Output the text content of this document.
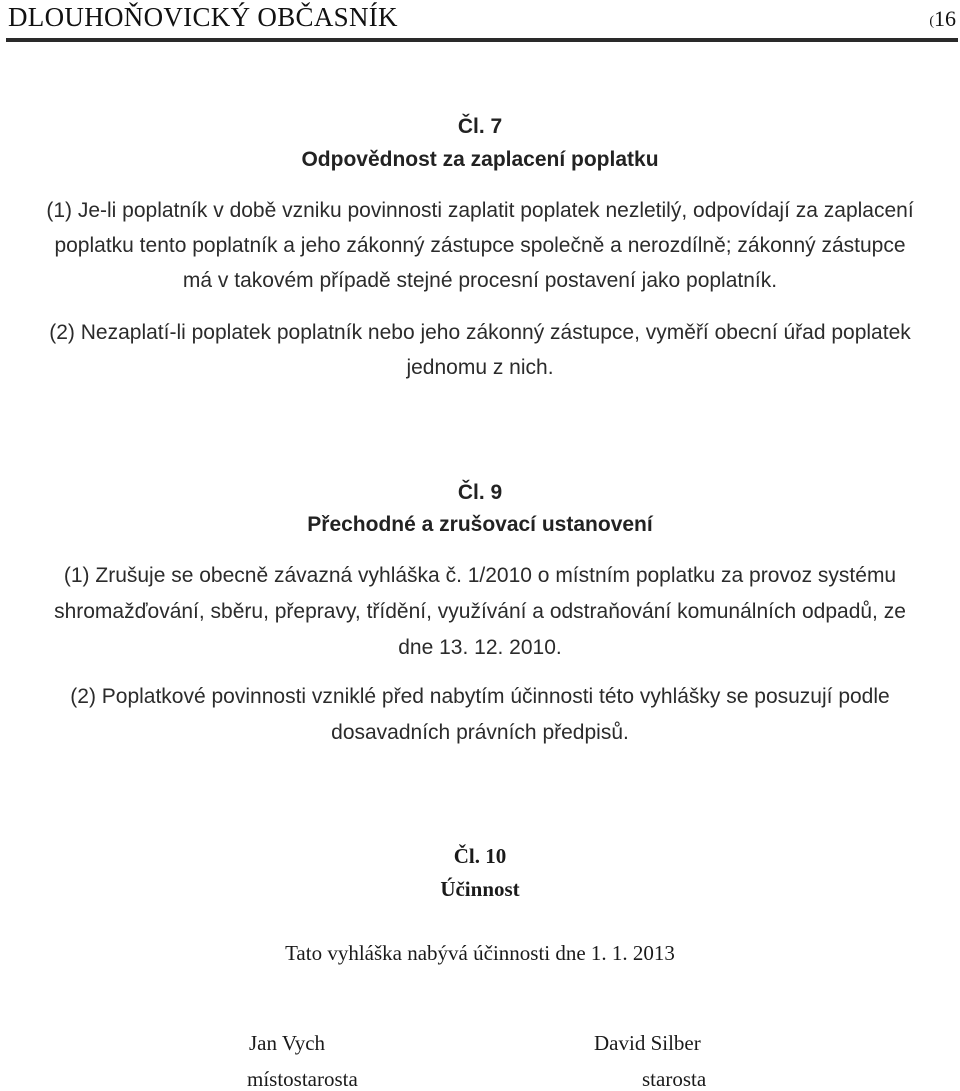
DLOUHOŇOVICKÝ OBČASNÍK	(16
Čl. 7
Odpovědnost za zaplacení poplatku
(1) Je-li poplatník v době vzniku povinnosti zaplatit poplatek nezletilý, odpovídají za zaplacení
poplatku tento poplatník a jeho zákonný zástupce společně a nerozdílně; zákonný zástupce
má v takovém případě stejné procesní postavení jako poplatník.
(2) Nezaplatí-li poplatek poplatník nebo jeho zákonný zástupce, vyměří obecní úřad poplatek
jednomu z nich.
Čl. 9
Přechodné a zrušovací ustanovení
(1) Zrušuje se obecně závazná vyhláška č. 1/2010 o místním poplatku za provoz systému
shromažďování, sběru, přepravy, třídění, využívání a odstraňování komunálních odpadů, ze
dne 13. 12. 2010.
(2) Poplatkové povinnosti vzniklé před nabytím účinnosti této vyhlášky se posuzují podle
dosavadních právních předpisů.
Čl. 10
Účinnost
Tato vyhláška nabývá účinnosti dne 1. 1. 2013
Jan Vych
místostarosta
David Silber
starosta
